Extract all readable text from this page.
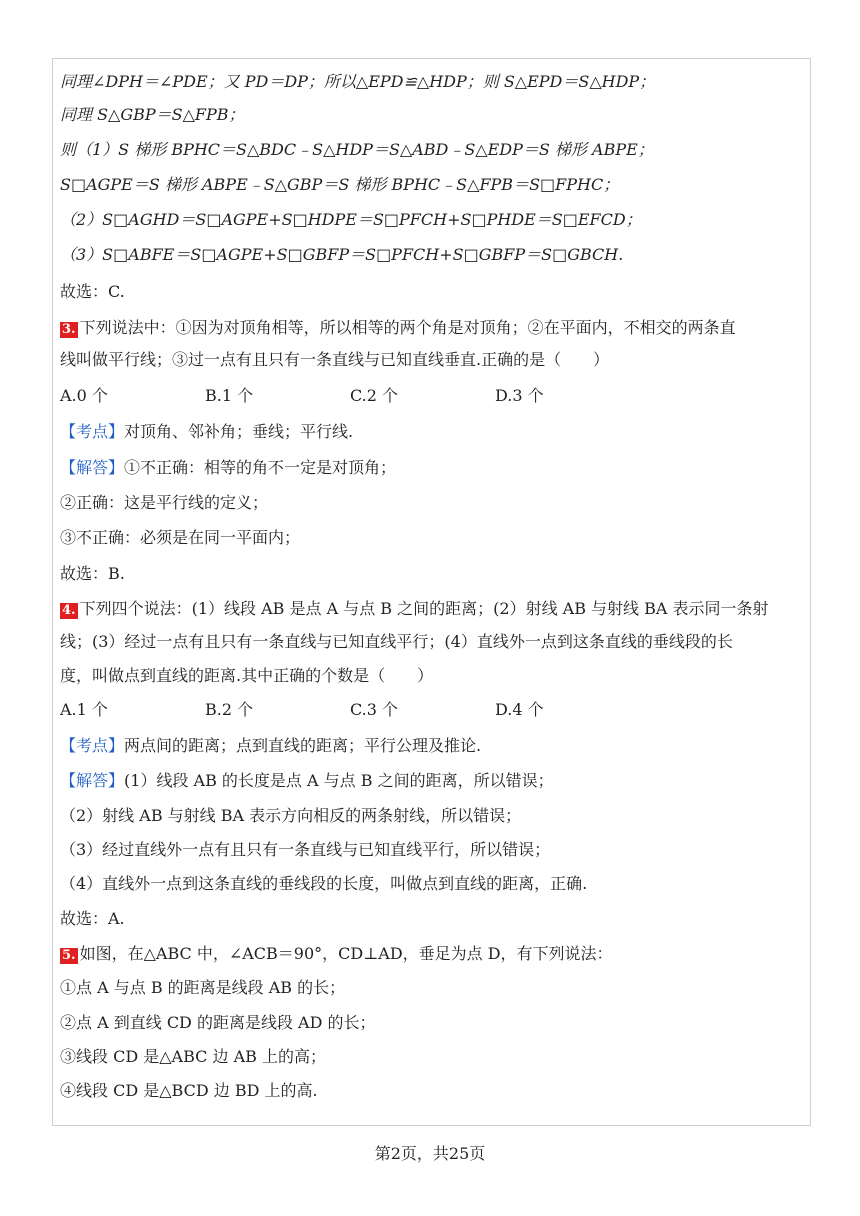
同理∠DPH＝∠PDE；又 PD＝DP；所以△EPD≌△HDP；则 S△EPD＝S△HDP；
同理 S△GBP＝S△FPB；
则（1）S 梯形 BPHC＝S△BDC﹣S△HDP＝S△ABD﹣S△EDP＝S 梯形 ABPE；
S□AGPE＝S 梯形 ABPE﹣S△GBP＝S 梯形 BPHC﹣S△FPB＝S□FPHC；
（2）S□AGHD＝S□AGPE+S□HDPE＝S□PFCH+S□PHDE＝S□EFCD；
（3）S□ABFE＝S□AGPE+S□GBFP＝S□PFCH+S□GBFP＝S□GBCH.
故选：C.
3. 下列说法中：①因为对顶角相等，所以相等的两个角是对顶角；②在平面内，不相交的两条直
线叫做平行线；③过一点有且只有一条直线与已知直线垂直.正确的是（　　）
A.0 个	B.1 个	C.2 个	D.3 个
【考点】对顶角、邻补角；垂线；平行线.
【解答】①不正确：相等的角不一定是对顶角；
②正确：这是平行线的定义；
③不正确：必须是在同一平面内；
故选：B.
4. 下列四个说法：(1）线段 AB 是点 A 与点 B 之间的距离；(2）射线 AB 与射线 BA 表示同一条射
线；(3）经过一点有且只有一条直线与已知直线平行；(4）直线外一点到这条直线的垂线段的长
度，叫做点到直线的距离.其中正确的个数是（　　）
A.1 个	B.2 个	C.3 个	D.4 个
【考点】两点间的距离；点到直线的距离；平行公理及推论.
【解答】(1）线段 AB 的长度是点 A 与点 B 之间的距离，所以错误；
（2）射线 AB 与射线 BA 表示方向相反的两条射线，所以错误；
（3）经过直线外一点有且只有一条直线与已知直线平行，所以错误；
（4）直线外一点到这条直线的垂线段的长度，叫做点到直线的距离，正确.
故选：A.
5. 如图，在△ABC 中，∠ACB＝90°，CD⊥AD，垂足为点 D，有下列说法：
①点 A 与点 B 的距离是线段 AB 的长；
②点 A 到直线 CD 的距离是线段 AD 的长；
③线段 CD 是△ABC 边 AB 上的高；
④线段 CD 是△BCD 边 BD 上的高.
第2页，共25页
